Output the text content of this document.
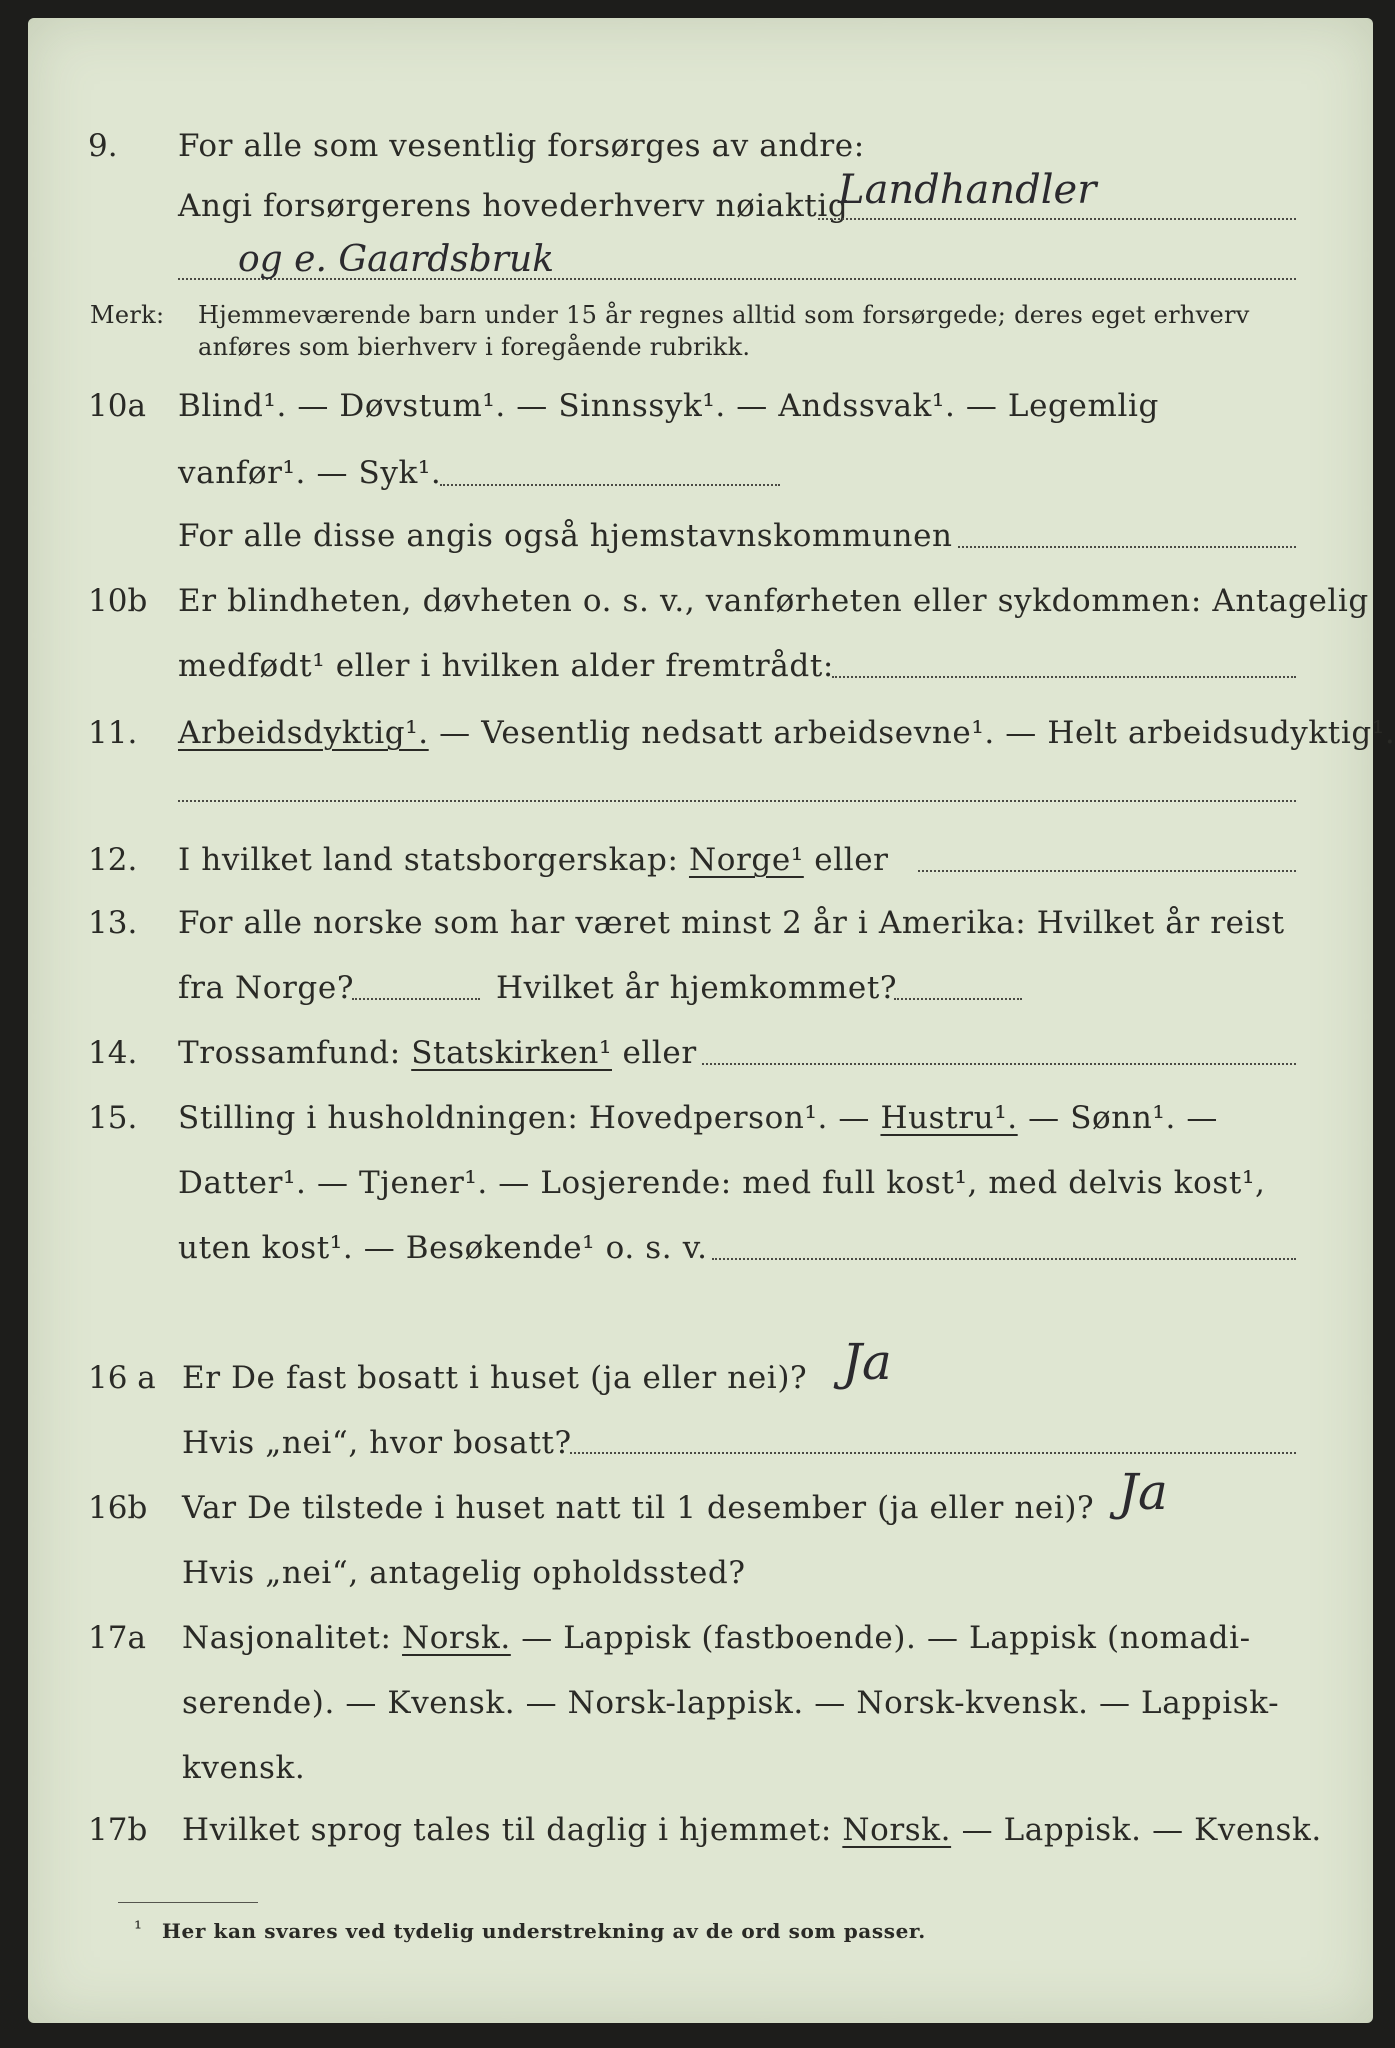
9. For alle som vesentlig forsørges av andre:
Angi forsørgerens hovederhverv nøiaktig
Landhandler
og e. Gaardsbruk
Merk: Hjemmeværende barn under 15 år regnes alltid som forsørgede; deres eget erhverv
anføres som bierhverv i foregående rubrikk.
10a Blind¹. — Døvstum¹. — Sinnssyk¹. — Andssvak¹. — Legemlig
vanfør¹. — Syk¹.
For alle disse angis også hjemstavnskommunen
10b Er blindheten, døvheten o. s. v., vanførheten eller sykdommen: Antagelig
medfødt¹ eller i hvilken alder fremtrådt:
11. Arbeidsdyktig¹. — Vesentlig nedsatt arbeidsevne¹. — Helt arbeidsudyktig¹.
12. I hvilket land statsborgerskap: Norge¹ eller
13. For alle norske som har været minst 2 år i Amerika: Hvilket år reist
fra Norge?	Hvilket år hjemkommet?
14. Trossamfund: Statskirken¹ eller
15. Stilling i husholdningen: Hovedperson¹. — Hustru¹. — Sønn¹. —
Datter¹. — Tjener¹. — Losjerende: med full kost¹, med delvis kost¹,
uten kost¹. — Besøkende¹ o. s. v.
16 a Er De fast bosatt i huset (ja eller nei)? Ja
Hvis „nei“, hvor bosatt?
16b Var De tilstede i huset natt til 1 desember (ja eller nei)? Ja
Hvis „nei“, antagelig opholdssted?
17a Nasjonalitet: Norsk. — Lappisk (fastboende). — Lappisk (nomadi-
serende). — Kvensk. — Norsk-lappisk. — Norsk-kvensk. — Lappisk-
kvensk.
17b Hvilket sprog tales til daglig i hjemmet: Norsk. — Lappisk. — Kvensk.
¹ Her kan svares ved tydelig understrekning av de ord som passer.
